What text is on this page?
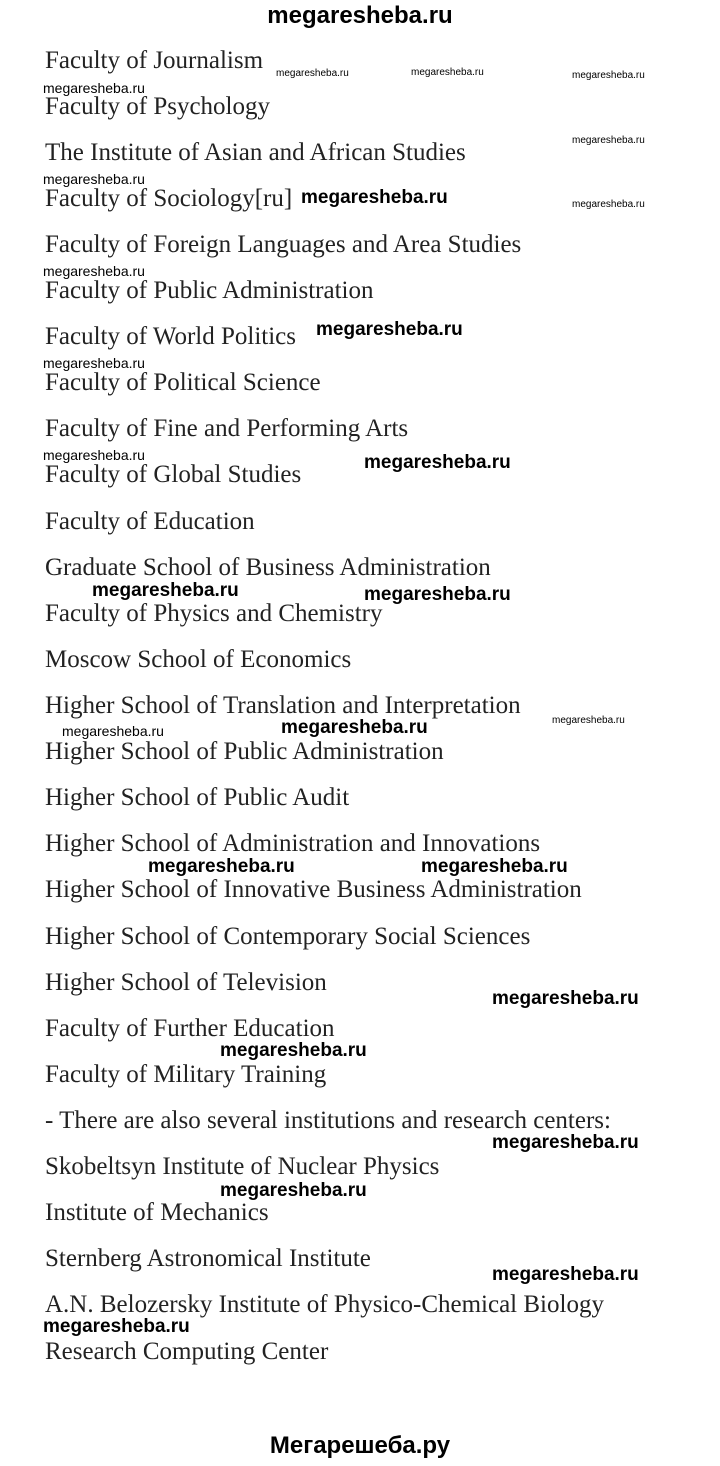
megaresheba.ru
Faculty of Journalism
Faculty of Psychology
The Institute of Asian and African Studies
Faculty of Sociology[ru]
Faculty of Foreign Languages and Area Studies
Faculty of Public Administration
Faculty of World Politics
Faculty of Political Science
Faculty of Fine and Performing Arts
Faculty of Global Studies
Faculty of Education
Graduate School of Business Administration
Faculty of Physics and Chemistry
Moscow School of Economics
Higher School of Translation and Interpretation
Higher School of Public Administration
Higher School of Public Audit
Higher School of Administration and Innovations
Higher School of Innovative Business Administration
Higher School of Contemporary Social Sciences
Higher School of Television
Faculty of Further Education
Faculty of Military Training
- There are also several institutions and research centers:
Skobeltsyn Institute of Nuclear Physics
Institute of Mechanics
Sternberg Astronomical Institute
A.N. Belozersky Institute of Physico-Chemical Biology
Research Computing Center
megaresheba.ru	megaresheba.ru	megaresheba.ru
megaresheba.ru
megaresheba.ru
megaresheba.ru
megaresheba.ru	megaresheba.ru
megaresheba.ru
megaresheba.ru
megaresheba.ru
megaresheba.ru	megaresheba.ru
megaresheba.ru	megaresheba.ru
megaresheba.ru
megaresheba.ru	megaresheba.ru
megaresheba.ru	megaresheba.ru
megaresheba.ru
megaresheba.ru
megaresheba.ru
megaresheba.ru
megaresheba.ru
megaresheba.ru
Мегарешеба.ру
